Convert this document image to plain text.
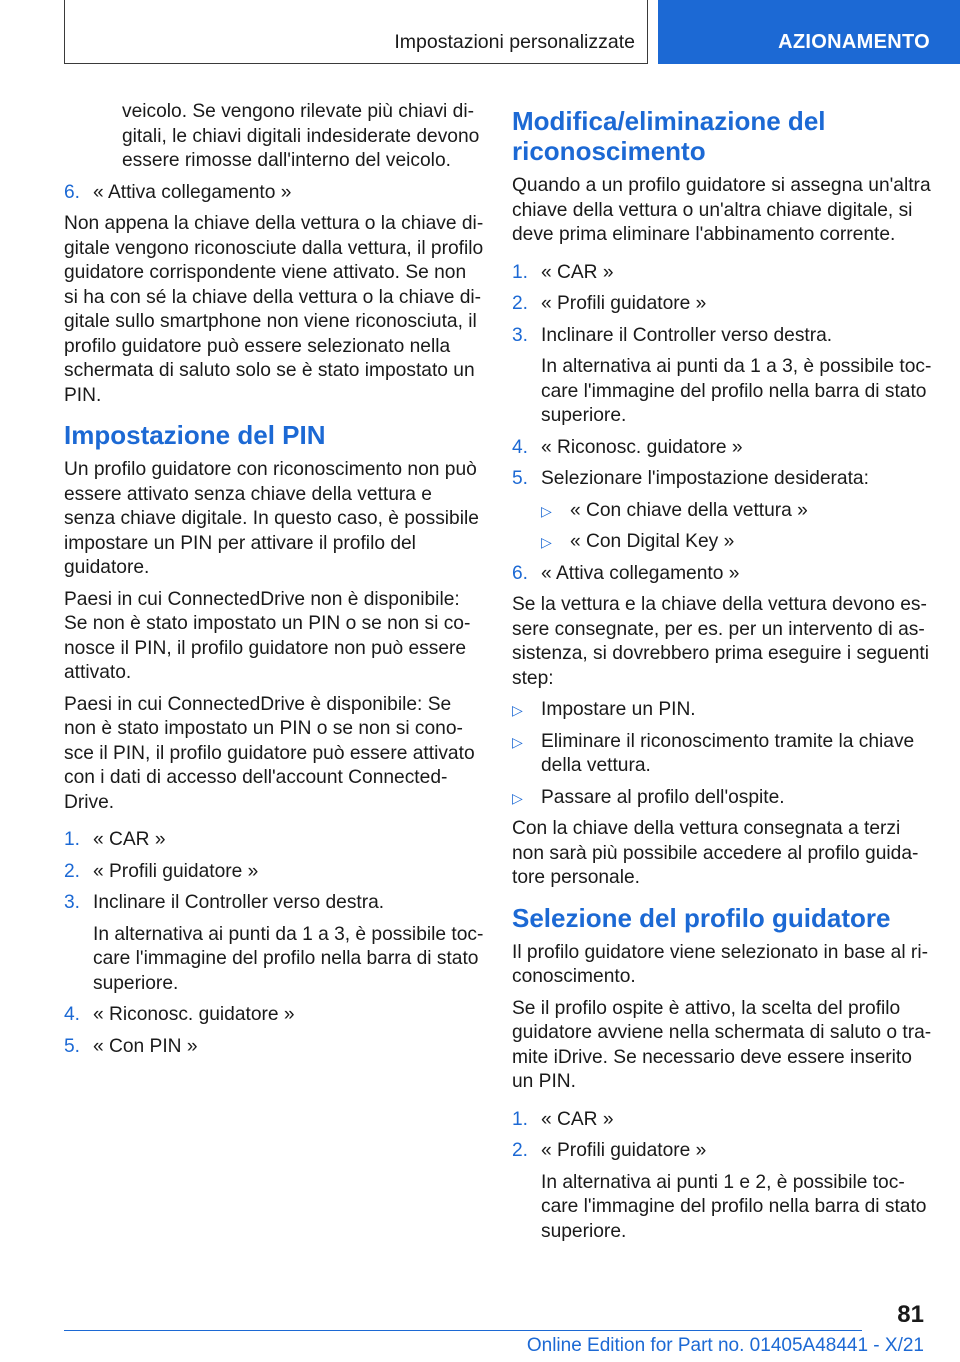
Impostazioni personalizzate	AZIONAMENTO

veicolo. Se vengono rilevate più chiavi digitali, le chiavi digitali indesiderate devono essere rimosse dall'interno del veicolo.

6. « Attiva collegamento »

Non appena la chiave della vettura o la chiave digitale vengono riconosciute dalla vettura, il profilo guidatore corrispondente viene attivato. Se non si ha con sé la chiave della vettura o la chiave digitale sullo smartphone non viene riconosciuta, il profilo guidatore può essere selezionato nella schermata di saluto solo se è stato impostato un PIN.

Impostazione del PIN

Un profilo guidatore con riconoscimento non può essere attivato senza chiave della vettura e senza chiave digitale. In questo caso, è possibile impostare un PIN per attivare il profilo del guidatore.

Paesi in cui ConnectedDrive non è disponibile: Se non è stato impostato un PIN o se non si conosce il PIN, il profilo guidatore non può essere attivato.

Paesi in cui ConnectedDrive è disponibile: Se non è stato impostato un PIN o se non si conosce il PIN, il profilo guidatore può essere attivato con i dati di accesso dell'account ConnectedDrive.

1. « CAR »
2. « Profili guidatore »
3. Inclinare il Controller verso destra.
In alternativa ai punti da 1 a 3, è possibile toccare l'immagine del profilo nella barra di stato superiore.
4. « Riconosc. guidatore »
5. « Con PIN »
Modifica/eliminazione del riconoscimento

Quando a un profilo guidatore si assegna un'altra chiave della vettura o un'altra chiave digitale, si deve prima eliminare l'abbinamento corrente.

1. « CAR »
2. « Profili guidatore »
3. Inclinare il Controller verso destra.
In alternativa ai punti da 1 a 3, è possibile toccare l'immagine del profilo nella barra di stato superiore.
4. « Riconosc. guidatore »
5. Selezionare l'impostazione desiderata:
▷ « Con chiave della vettura »
▷ « Con Digital Key »
6. « Attiva collegamento »

Se la vettura e la chiave della vettura devono essere consegnate, per es. per un intervento di assistenza, si dovrebbero prima eseguire i seguenti step:

▷ Impostare un PIN.
▷ Eliminare il riconoscimento tramite la chiave della vettura.
▷ Passare al profilo dell'ospite.

Con la chiave della vettura consegnata a terzi non sarà più possibile accedere al profilo guidatore personale.

Selezione del profilo guidatore

Il profilo guidatore viene selezionato in base al riconoscimento.

Se il profilo ospite è attivo, la scelta del profilo guidatore avviene nella schermata di saluto o tramite iDrive. Se necessario deve essere inserito un PIN.

1. « CAR »
2. « Profili guidatore »
In alternativa ai punti 1 e 2, è possibile toccare l'immagine del profilo nella barra di stato superiore.
81
Online Edition for Part no. 01405A48441 - X/21
